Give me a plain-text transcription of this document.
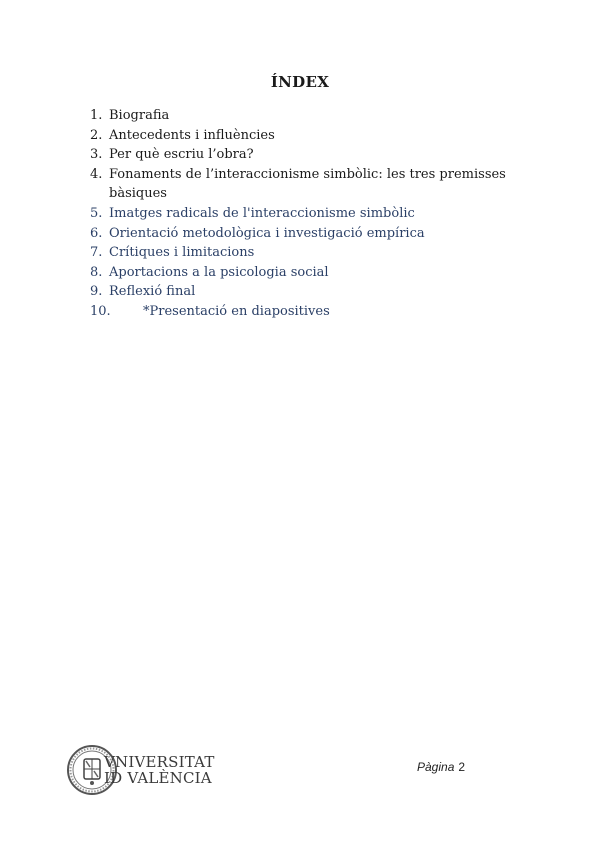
ÍNDEX
1. Biografia
2. Antecedents i influències
3. Per què escriu l’obra?
4. Fonaments de l’interaccionisme simbòlic: les tres premisses bàsiques
5. Imatges radicals de l'interaccionisme simbòlic
6. Orientació metodològica i investigació empírica
7. Crítiques i limitacions
8. Aportacions a la psicologia social
9. Reflexió final
10.	*Presentació en diapositives
VNIVERSITAT
ID VALÈNCIA
Pàgina 2
